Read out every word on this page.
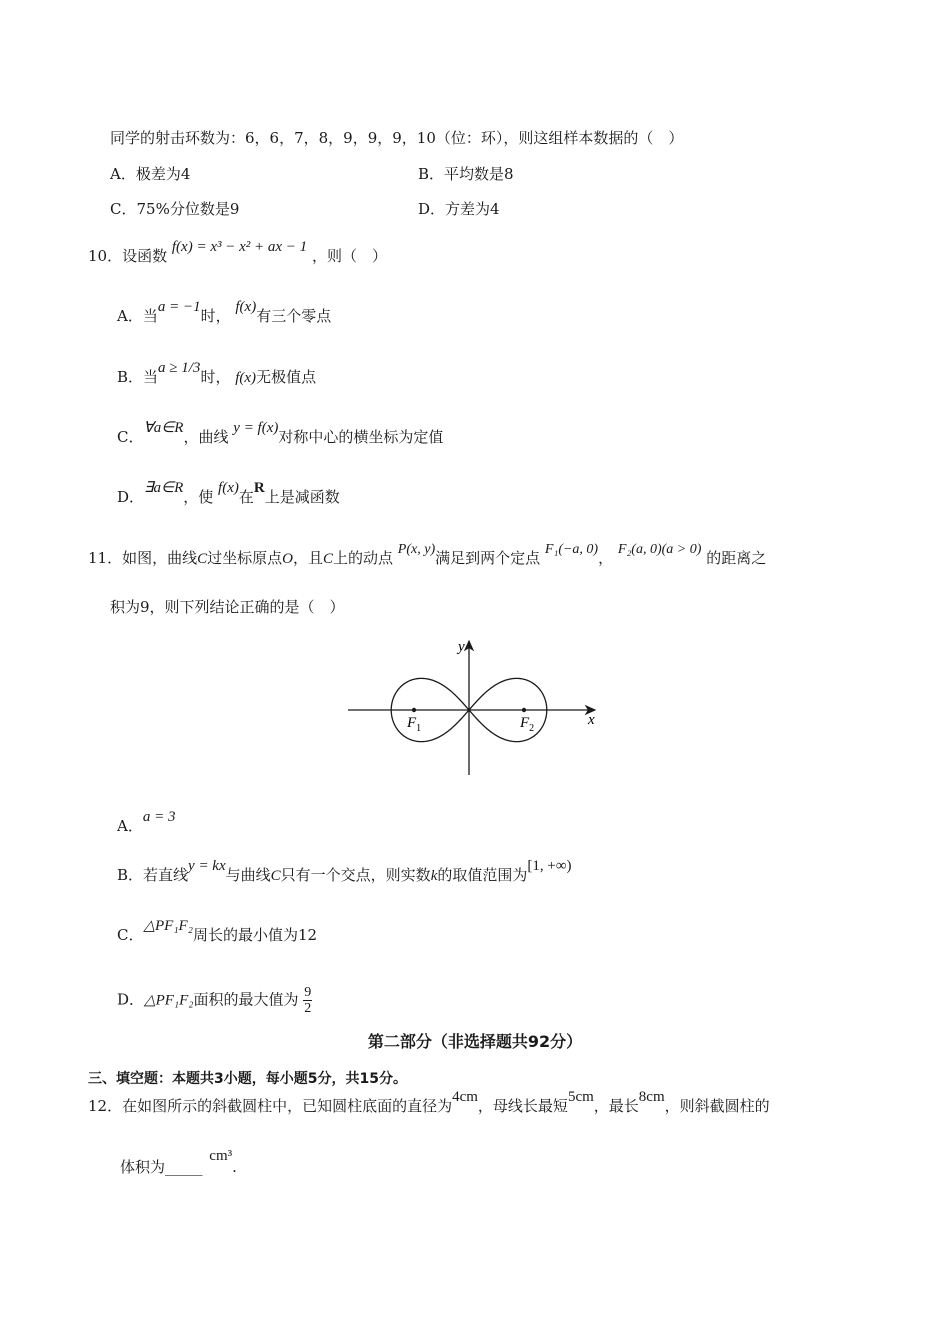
同学的射击环数为：6，6，7，8，9，9，9，10（位：环），则这组样本数据的（　）
A．极差为4	B．平均数是8
C．75%分位数是9	D．方差为4
10．设函数 f(x) = x³ − x² + ax − 1 ，则（　）
A．当a = −1时， f(x)有三个零点
B．当a ≥ 1/3时， f(x)无极值点
C．∀a∈R，曲线 y = f(x)对称中心的横坐标为定值
D．∃a∈R，使 f(x)在R上是减函数
11．如图，曲线C过坐标原点O，且C上的动点 P(x, y)满足到两个定点 F₁(−a, 0)， F₂(a, 0)(a > 0) 的距离之
积为9，则下列结论正确的是（　）
y
x
$F_1$	$F_2$
A．a = 3
B．若直线y = kx与曲线C只有一个交点，则实数k的取值范围为[1, +∞)
C．△PF₁F₂周长的最小值为12
D．△PF₁F₂面积的最大值为 $\frac{9}{2}$
第二部分（非选择题共92分）
三、填空题：本题共3小题，每小题5分，共15分。
12．在如图所示的斜截圆柱中，已知圆柱底面的直径为4cm，母线长最短5cm，最长8cm，则斜截圆柱的
体积为_____ cm³.
